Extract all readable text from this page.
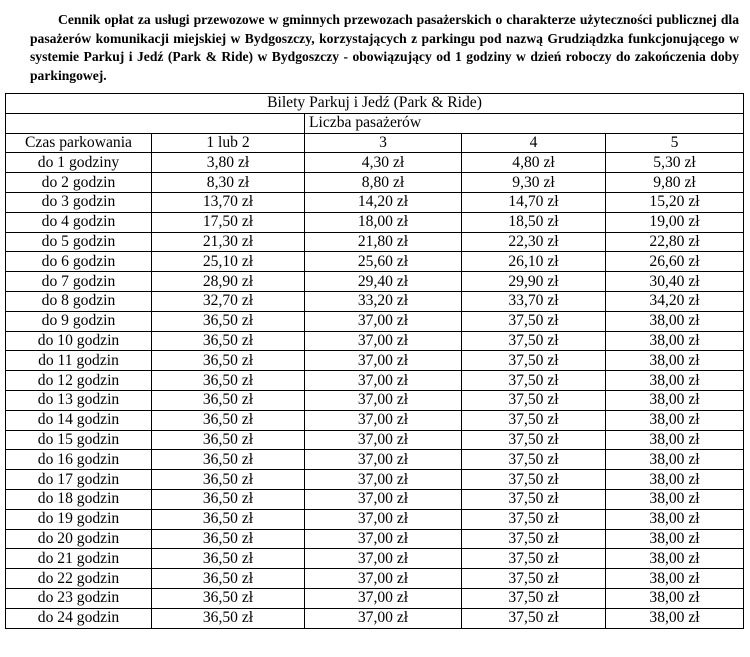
Cennik opłat za usługi przewozowe w gminnych przewozach pasażerskich o charakterze użyteczności publicznej dla pasażerów komunikacji miejskiej w Bydgoszczy, korzystających z parkingu pod nazwą Grudziądzka funkcjonującego w systemie Parkuj i Jedź (Park & Ride) w Bydgoszczy - obowiązujący od 1 godziny w dzień roboczy do zakończenia doby parkingowej.

Bilety Parkuj i Jedź (Park & Ride)				
		Liczba pasażerów		
Czas parkowania	1 lub 2	3	4	5
do 1 godziny	3,80 zł	4,30 zł	4,80 zł	5,30 zł
do 2 godzin	8,30 zł	8,80 zł	9,30 zł	9,80 zł
do 3 godzin	13,70 zł	14,20 zł	14,70 zł	15,20 zł
do 4 godzin	17,50 zł	18,00 zł	18,50 zł	19,00 zł
do 5 godzin	21,30 zł	21,80 zł	22,30 zł	22,80 zł
do 6 godzin	25,10 zł	25,60 zł	26,10 zł	26,60 zł
do 7 godzin	28,90 zł	29,40 zł	29,90 zł	30,40 zł
do 8 godzin	32,70 zł	33,20 zł	33,70 zł	34,20 zł
do 9 godzin	36,50 zł	37,00 zł	37,50 zł	38,00 zł
do 10 godzin	36,50 zł	37,00 zł	37,50 zł	38,00 zł
do 11 godzin	36,50 zł	37,00 zł	37,50 zł	38,00 zł
do 12 godzin	36,50 zł	37,00 zł	37,50 zł	38,00 zł
do 13 godzin	36,50 zł	37,00 zł	37,50 zł	38,00 zł
do 14 godzin	36,50 zł	37,00 zł	37,50 zł	38,00 zł
do 15 godzin	36,50 zł	37,00 zł	37,50 zł	38,00 zł
do 16 godzin	36,50 zł	37,00 zł	37,50 zł	38,00 zł
do 17 godzin	36,50 zł	37,00 zł	37,50 zł	38,00 zł
do 18 godzin	36,50 zł	37,00 zł	37,50 zł	38,00 zł
do 19 godzin	36,50 zł	37,00 zł	37,50 zł	38,00 zł
do 20 godzin	36,50 zł	37,00 zł	37,50 zł	38,00 zł
do 21 godzin	36,50 zł	37,00 zł	37,50 zł	38,00 zł
do 22 godzin	36,50 zł	37,00 zł	37,50 zł	38,00 zł
do 23 godzin	36,50 zł	37,00 zł	37,50 zł	38,00 zł
do 24 godzin	36,50 zł	37,00 zł	37,50 zł	38,00 zł
